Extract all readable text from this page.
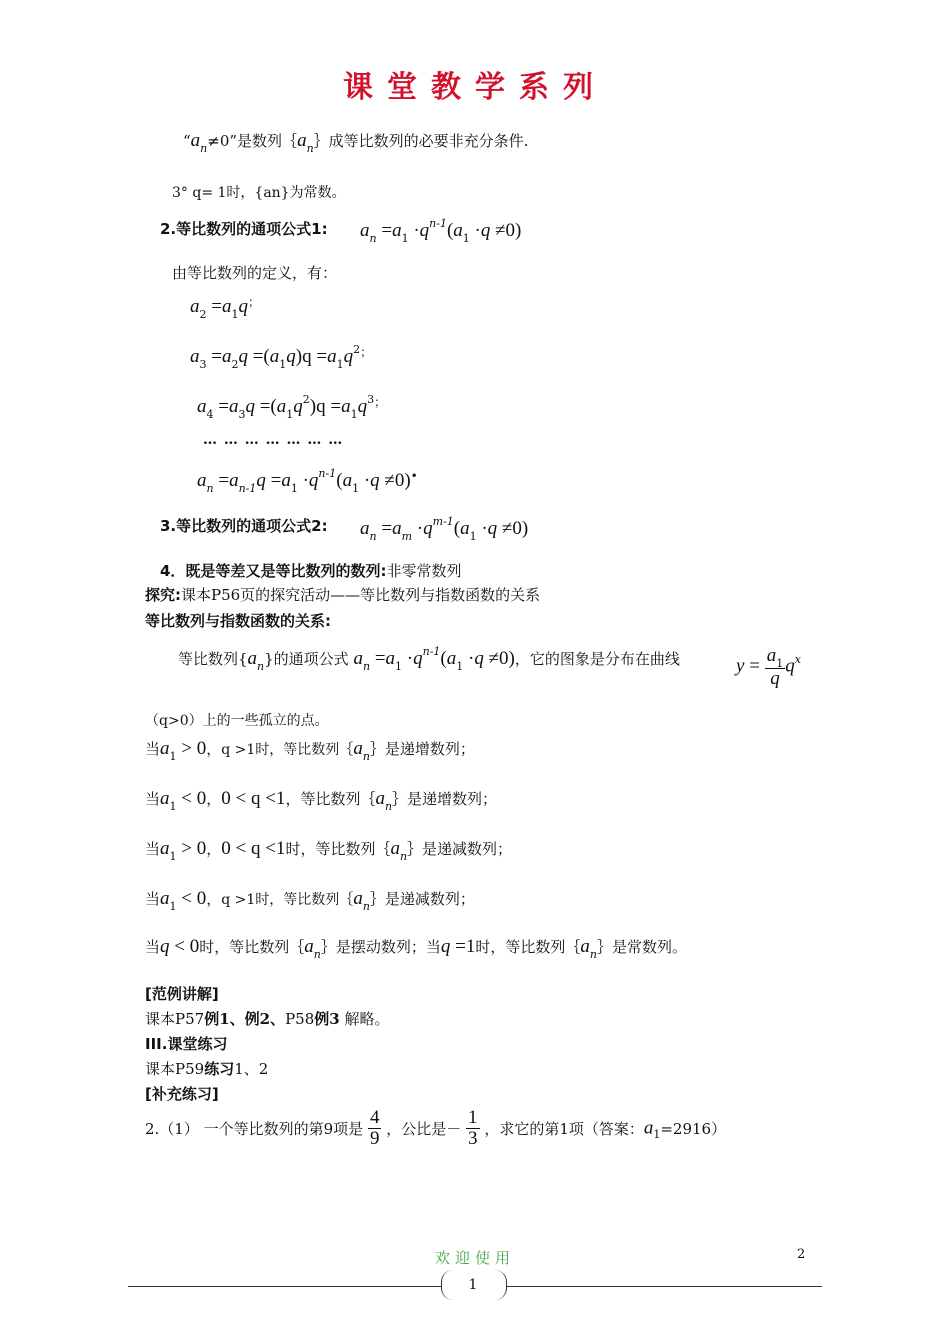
课堂教学系列
“$a_n\ne 0$”是数列$\{a_n\}$成等比数列的必要非充分条件.
3° q= 1时，{an}为常数。
2.等比数列的通项公式1: $a_n =a_1 \cdot q^{n-1}(a_1 \cdot q \ne 0)$
由等比数列的定义，有：
$a_2 =a_1q^;$
$a_3 =a_2q =(a_1q)q =a_1q^{2;}$
$a_4 =a_3q =(a_1q^2)q =a_1q^{3;}$
… … … … … … …
$a_n =a_{n-1}q =a_1 \cdot q^{n-1}(a_1 \cdot q \ne 0)^•$
3.等比数列的通项公式2: $a_n =a_m \cdot q^{m-1}(a_1 \cdot q \ne 0)$
4．既是等差又是等比数列的数列:非零常数列
探究:课本P56页的探究活动——等比数列与指数函数的关系
等比数列与指数函数的关系:
等比数列$\{a_n\}$的通项公式 $a_n =a_1 \cdot q^{n-1}(a_1 \cdot q \ne 0)$，它的图象是分布在曲线	$y = \frac{a_1}{q} q^x$
（q>0）上的一些孤立的点。
当$a_1 > 0$，q >1时，等比数列$\{a_n\}$是递增数列；
当$a_1 < 0$，0 < q <1，等比数列$\{a_n\}$是递增数列；
当$a_1 > 0$，0 < q <1时，等比数列$\{a_n\}$是递减数列；
当$a_1 < 0$，q >1时，等比数列$\{a_n\}$是递减数列；
当q < 0时，等比数列$\{a_n\}$是摆动数列；当q =1时，等比数列$\{a_n\}$是常数列。
[范例讲解]
课本P57例1、例2、P58例3 解略。
III.课堂练习
课本P59练习1、2
[补充练习]
2.（1） 一个等比数列的第9项是 $\frac{4}{9}$ ，公比是－ $\frac{1}{3}$ ，求它的第1项（答案：$a_1=2916$）
欢迎使用	2
1
